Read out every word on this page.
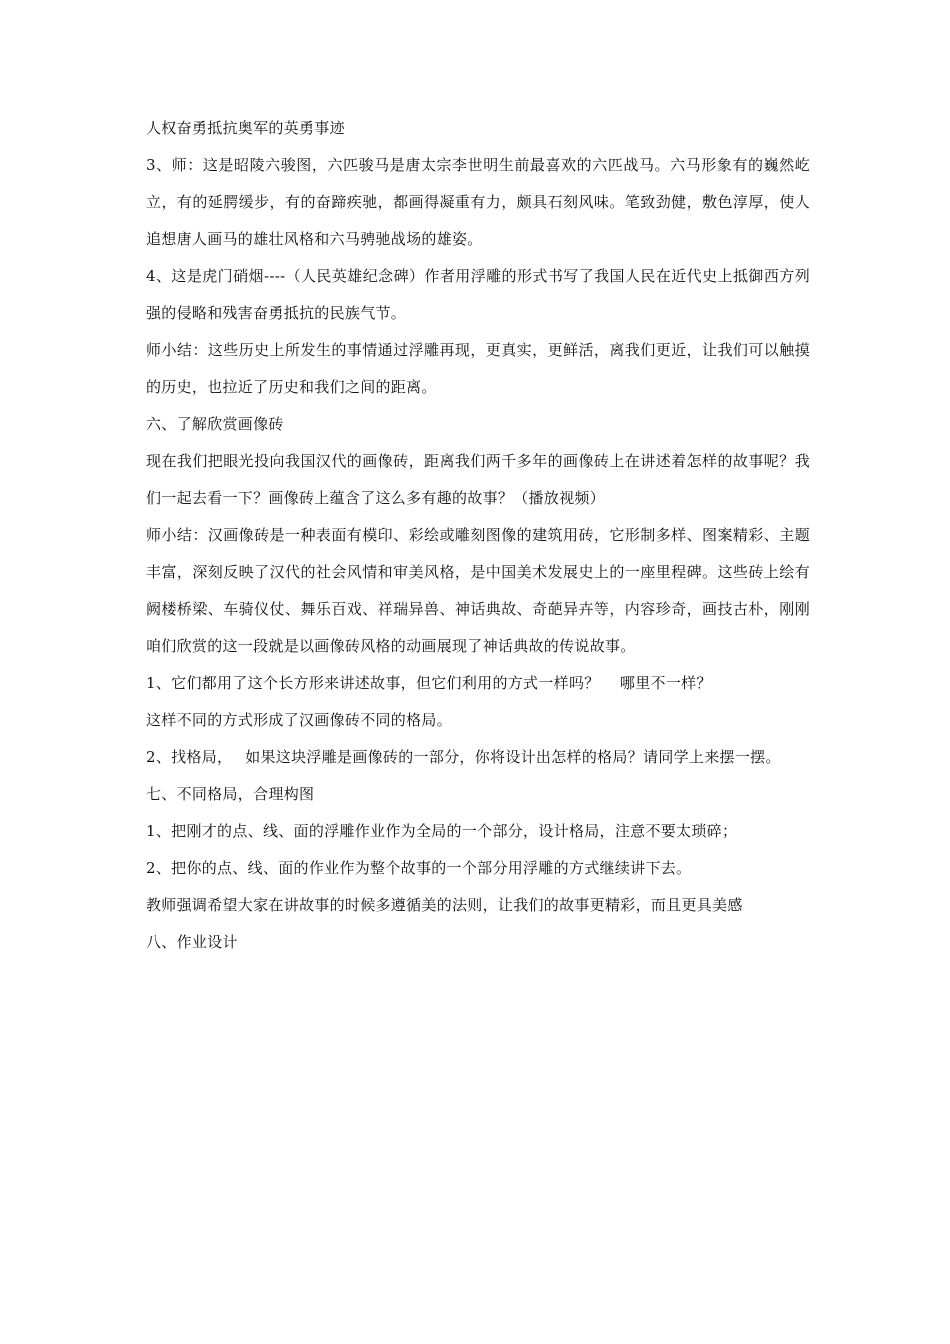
人权奋勇抵抗奥军的英勇事迹

3、师：这是昭陵六骏图，六匹骏马是唐太宗李世明生前最喜欢的六匹战马。六马形象有的巍然屹立，有的延腭缓步，有的奋蹄疾驰，都画得凝重有力，颇具石刻风味。笔致劲健，敷色淳厚，使人追想唐人画马的雄壮风格和六马骋驰战场的雄姿。

4、这是虎门硝烟----（人民英雄纪念碑）作者用浮雕的形式书写了我国人民在近代史上抵御西方列强的侵略和残害奋勇抵抗的民族气节。

师小结：这些历史上所发生的事情通过浮雕再现，更真实，更鲜活，离我们更近，让我们可以触摸的历史，也拉近了历史和我们之间的距离。

六、了解欣赏画像砖

现在我们把眼光投向我国汉代的画像砖，距离我们两千多年的画像砖上在讲述着怎样的故事呢？我们一起去看一下？画像砖上蕴含了这么多有趣的故事？（播放视频）

师小结：汉画像砖是一种表面有模印、彩绘或雕刻图像的建筑用砖，它形制多样、图案精彩、主题丰富，深刻反映了汉代的社会风情和审美风格，是中国美术发展史上的一座里程碑。这些砖上绘有阙楼桥梁、车骑仪仗、舞乐百戏、祥瑞异兽、神话典故、奇葩异卉等，内容珍奇，画技古朴，刚刚咱们欣赏的这一段就是以画像砖风格的动画展现了神话典故的传说故事。

1、它们都用了这个长方形来讲述故事，但它们利用的方式一样吗？　 哪里不一样？

这样不同的方式形成了汉画像砖不同的格局。

2、找格局，　 如果这块浮雕是画像砖的一部分，你将设计出怎样的格局？请同学上来摆一摆。

七、不同格局，合理构图

1、把刚才的点、线、面的浮雕作业作为全局的一个部分，设计格局，注意不要太琐碎；

2、把你的点、线、面的作业作为整个故事的一个部分用浮雕的方式继续讲下去。

教师强调希望大家在讲故事的时候多遵循美的法则，让我们的故事更精彩，而且更具美感

八、作业设计
